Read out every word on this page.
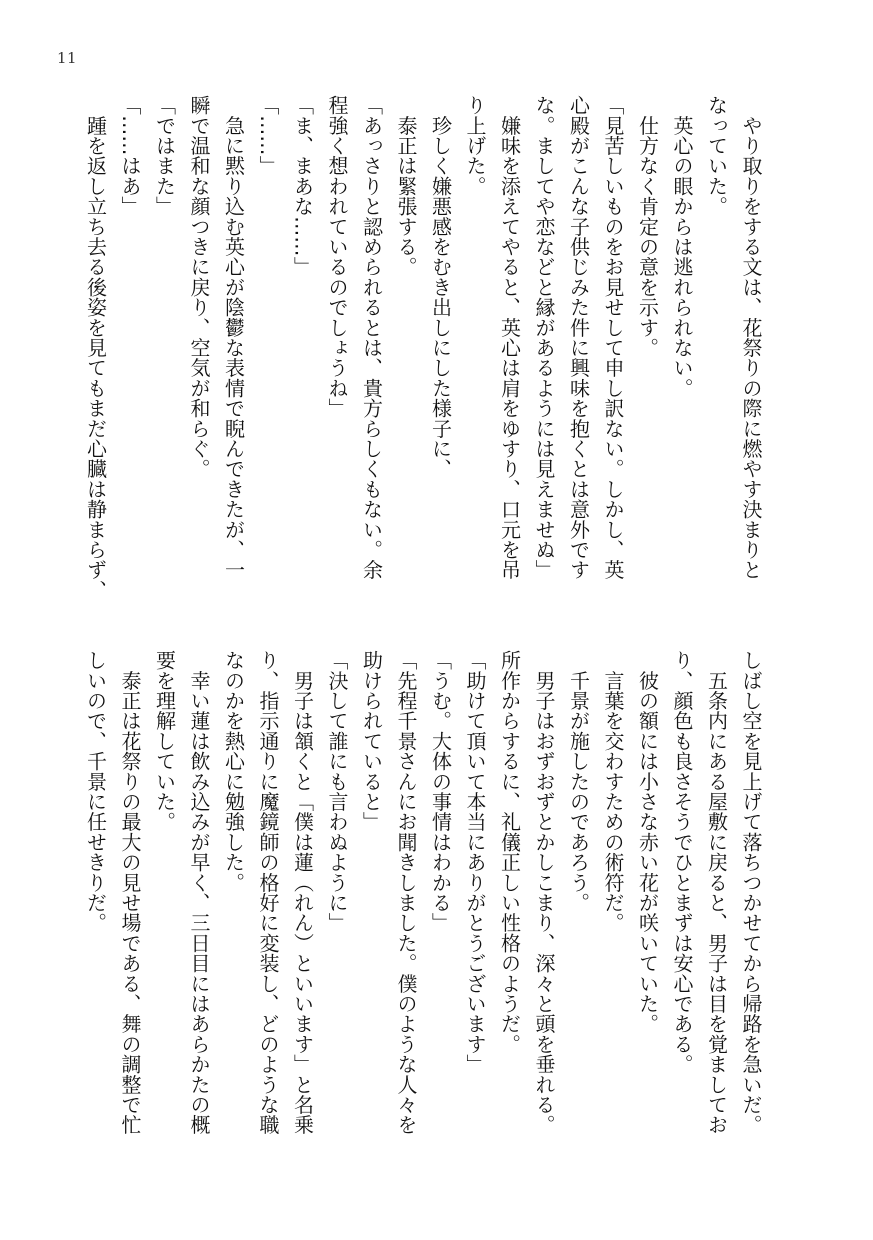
11
　やり取りをする文は、花祭りの際に燃やす決まりと
なっていた。
　英心の眼からは逃れられない。
　仕方なく肯定の意を示す。
「見苦しいものをお見せして申し訳ない。しかし、英
心殿がこんな子供じみた件に興味を抱くとは意外です
な。ましてや恋などと縁があるようには見えませぬ」
　嫌味を添えてやると、英心は肩をゆすり、口元を吊
り上げた。
　珍しく嫌悪感をむき出しにした様子に、
　泰正は緊張する。
「あっさりと認められるとは、貴方らしくもない。余
程強く想われているのでしょうね」
「ま、まあな……」
「……」
　急に黙り込む英心が陰鬱な表情で睨んできたが、一
瞬で温和な顔つきに戻り、空気が和らぐ。
「ではまた」
「……はあ」
　踵を返し立ち去る後姿を見てもまだ心臓は静まらず、
しばし空を見上げて落ちつかせてから帰路を急いだ。
　五条内にある屋敷に戻ると、男子は目を覚ましてお
り、顔色も良さそうでひとまずは安心である。
　彼の額には小さな赤い花が咲いていた。
　言葉を交わすための術符だ。
　千景が施したのであろう。
　男子はおずおずとかしこまり、深々と頭を垂れる。
所作からするに、礼儀正しい性格のようだ。
「助けて頂いて本当にありがとうございます」
「うむ。大体の事情はわかる」
「先程千景さんにお聞きしました。僕のような人々を
助けられていると」
「決して誰にも言わぬように」
　男子は頷くと「僕は蓮（れん）といいます」と名乗
り、指示通りに魔鏡師の格好に変装し、どのような職
なのかを熱心に勉強した。
　幸い蓮は飲み込みが早く、三日目にはあらかたの概
要を理解していた。
　泰正は花祭りの最大の見せ場である、舞の調整で忙
しいので、千景に任せきりだ。
